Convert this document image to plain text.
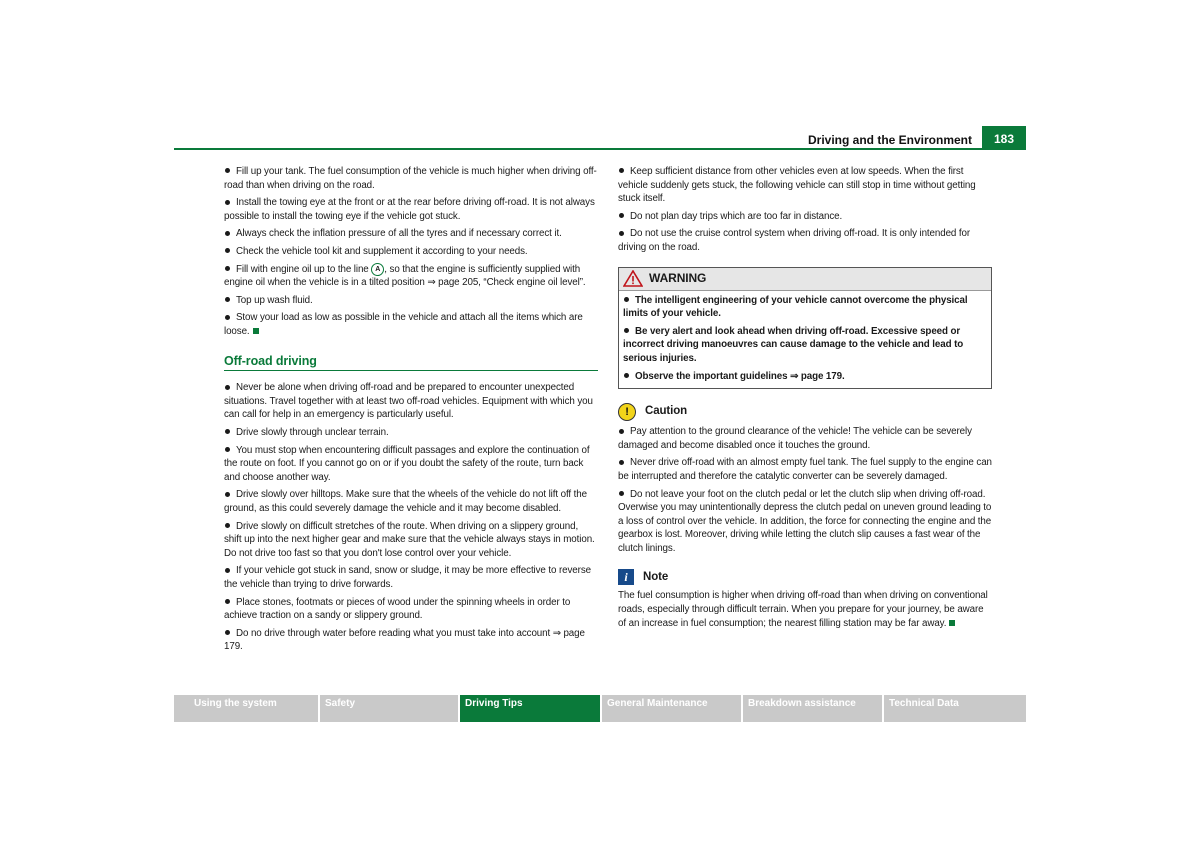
Driving and the Environment	183
Fill up your tank. The fuel consumption of the vehicle is much higher when driving off-road than when driving on the road.
Install the towing eye at the front or at the rear before driving off-road. It is not always possible to install the towing eye if the vehicle got stuck.
Always check the inflation pressure of all the tyres and if necessary correct it.
Check the vehicle tool kit and supplement it according to your needs.
Fill with engine oil up to the line A , so that the engine is sufficiently supplied with engine oil when the vehicle is in a tilted position ⇒ page 205, “Check engine oil level”.
Top up wash fluid.
Stow your load as low as possible in the vehicle and attach all the items which are loose.
Off-road driving
Never be alone when driving off-road and be prepared to encounter unexpected situations. Travel together with at least two off-road vehicles. Equipment with which you can call for help in an emergency is particularly useful.
Drive slowly through unclear terrain.
You must stop when encountering difficult passages and explore the continuation of the route on foot. If you cannot go on or if you doubt the safety of the route, turn back and choose another way.
Drive slowly over hilltops. Make sure that the wheels of the vehicle do not lift off the ground, as this could severely damage the vehicle and it may become disabled.
Drive slowly on difficult stretches of the route. When driving on a slippery ground, shift up into the next higher gear and make sure that the vehicle always stays in motion. Do not drive too fast so that you don't lose control over your vehicle.
If your vehicle got stuck in sand, snow or sludge, it may be more effective to reverse the vehicle than trying to drive forwards.
Place stones, footmats or pieces of wood under the spinning wheels in order to achieve traction on a sandy or slippery ground.
Do no drive through water before reading what you must take into account ⇒ page 179.
Keep sufficient distance from other vehicles even at low speeds. When the first vehicle suddenly gets stuck, the following vehicle can still stop in time without getting stuck itself.
Do not plan day trips which are too far in distance.
Do not use the cruise control system when driving off-road. It is only intended for driving on the road.
WARNING
The intelligent engineering of your vehicle cannot overcome the physical limits of your vehicle.
Be very alert and look ahead when driving off-road. Excessive speed or incorrect driving manoeuvres can cause damage to the vehicle and lead to serious injuries.
Observe the important guidelines ⇒ page 179.
!	Caution
Pay attention to the ground clearance of the vehicle! The vehicle can be severely damaged and become disabled once it touches the ground.
Never drive off-road with an almost empty fuel tank. The fuel supply to the engine can be interrupted and therefore the catalytic converter can be severely damaged.
Do not leave your foot on the clutch pedal or let the clutch slip when driving off-road. Overwise you may unintentionally depress the clutch pedal on uneven ground leading to a loss of control over the vehicle. In addition, the force for connecting the engine and the gearbox is lost. Moreover, driving while letting the clutch slip causes a fast wear of the clutch linings.
i	Note
The fuel consumption is higher when driving off-road than when driving on conventional roads, especially through difficult terrain. When you prepare for your journey, be aware of an increase in fuel consumption; the nearest filling station may be far away.
Using the system	Safety	Driving Tips	General Maintenance	Breakdown assistance	Technical Data
